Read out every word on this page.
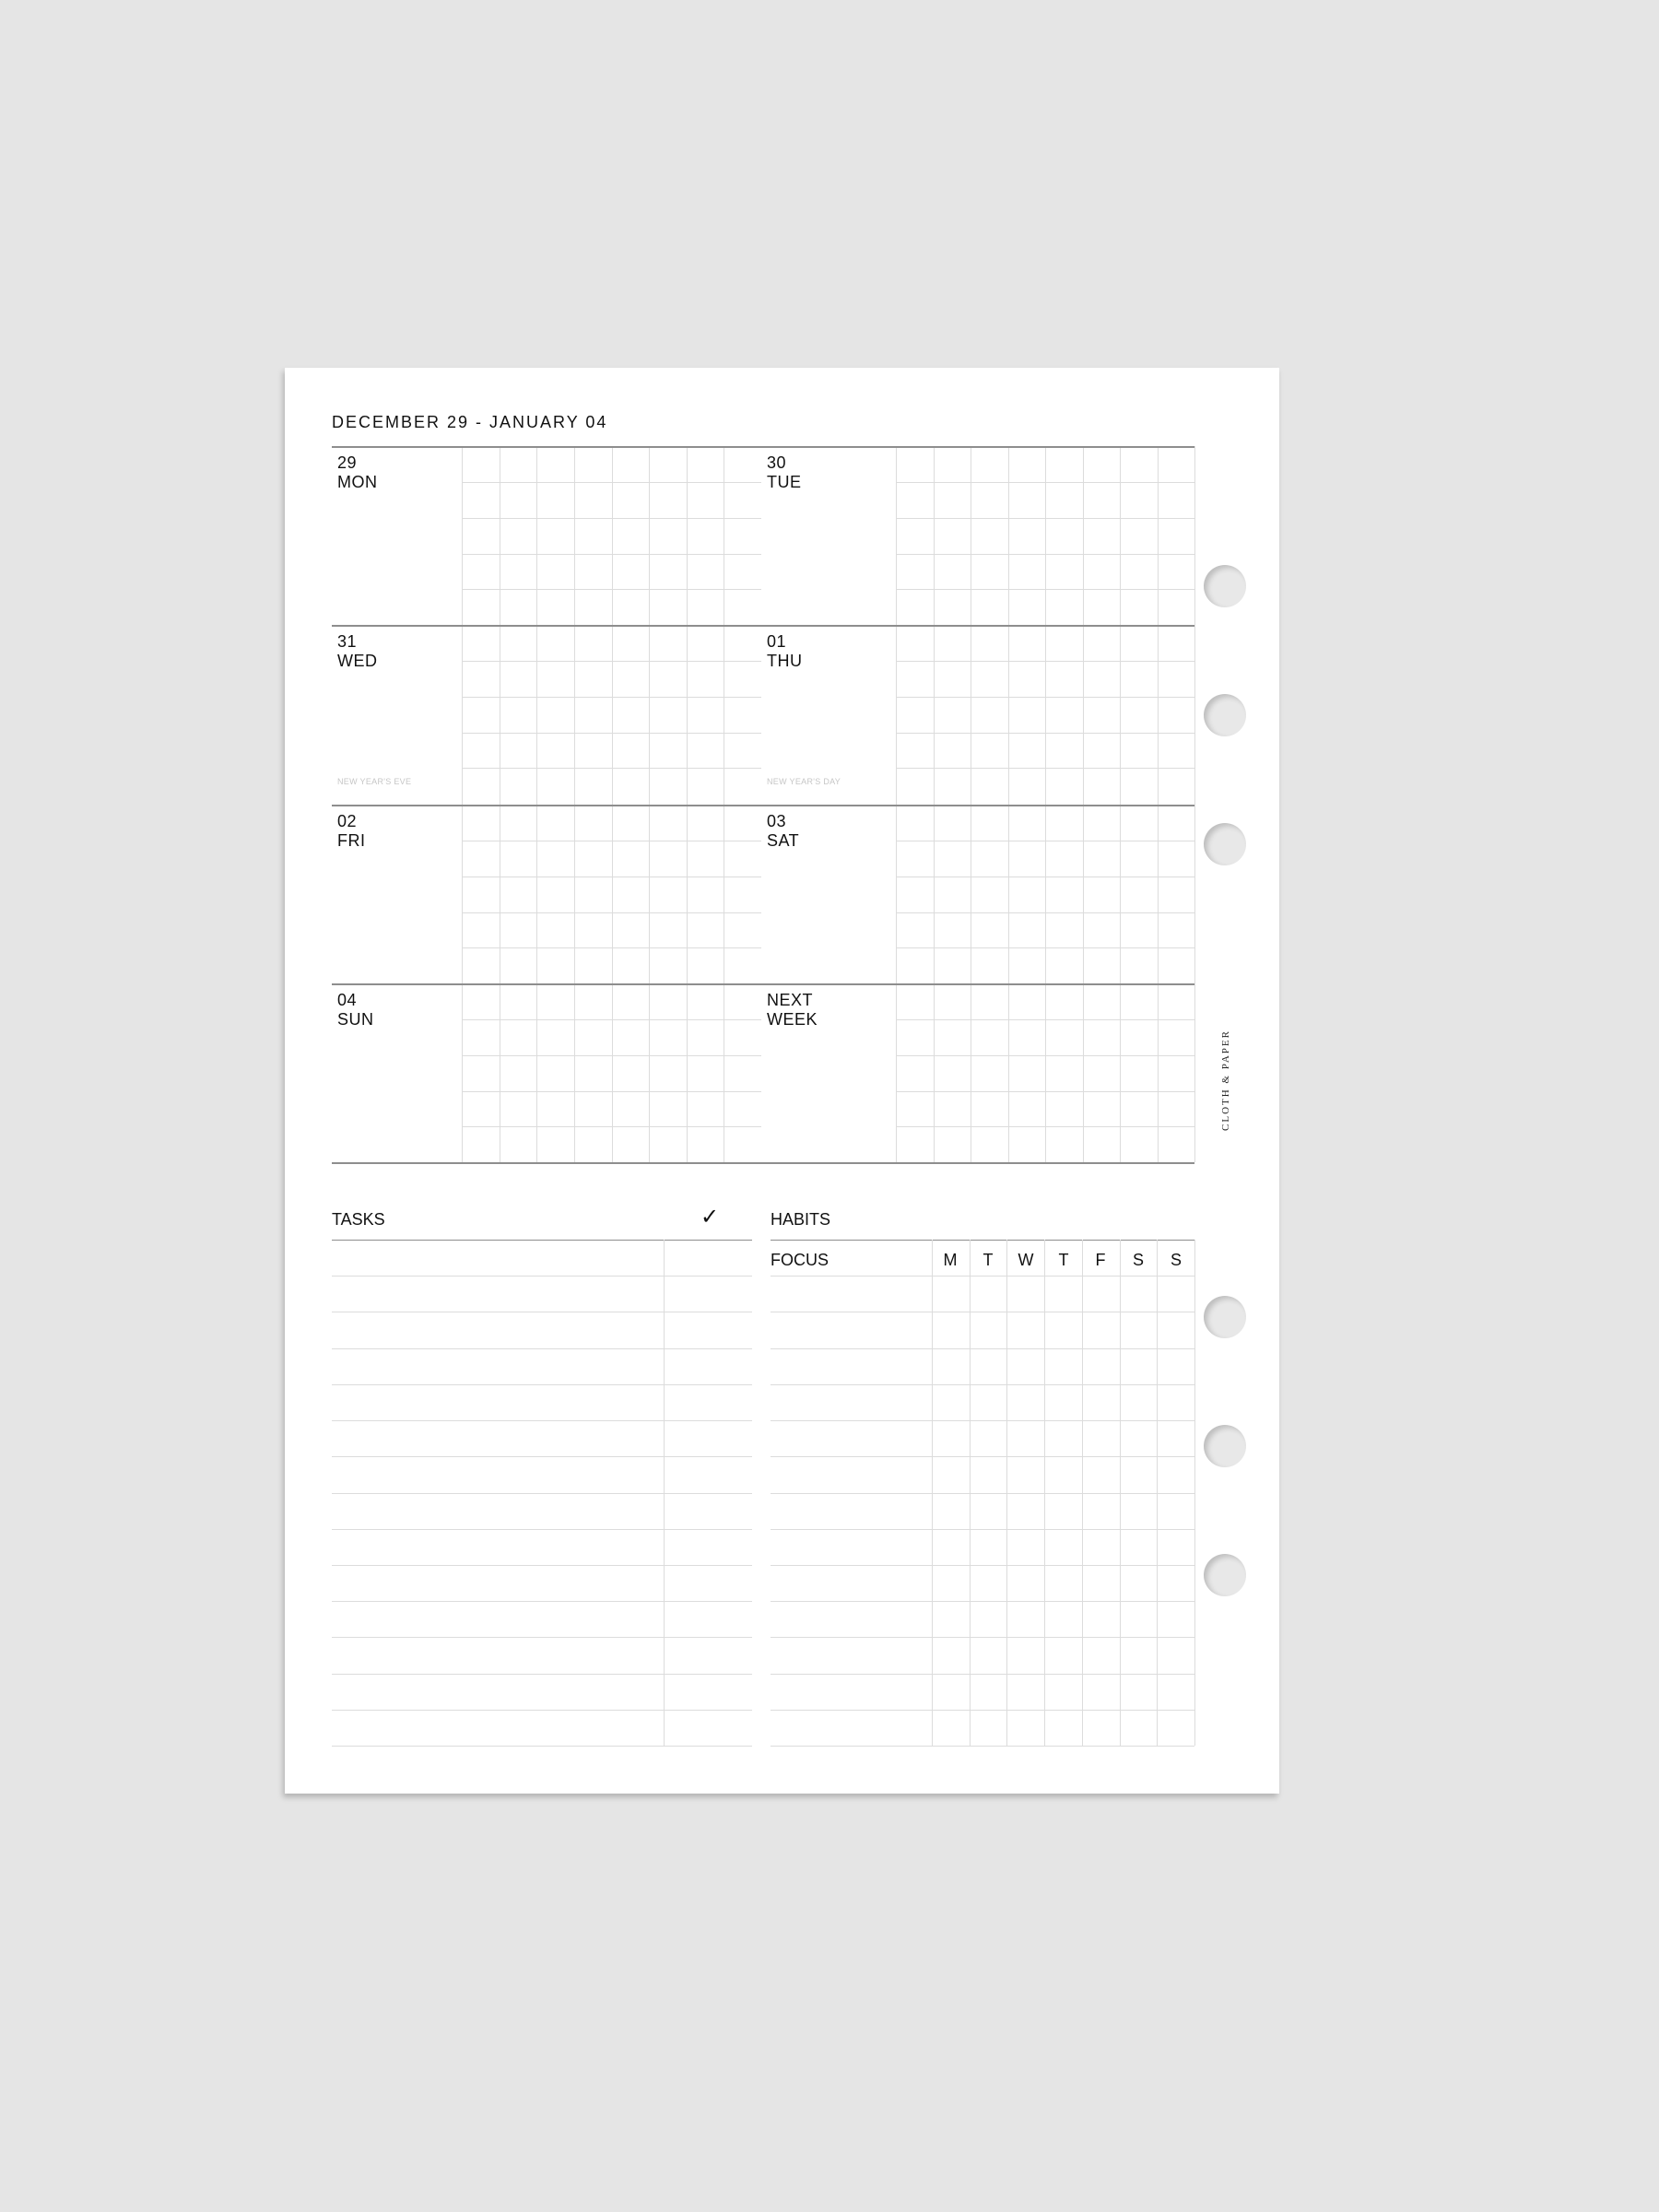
DECEMBER 29 - JANUARY 04
29 MON
30 TUE
31 WED
NEW YEAR'S EVE
01 THU
NEW YEAR'S DAY
02 FRI
03 SAT
04 SUN
NEXT
WEEK
TASKS	✓	HABITS
FOCUS	M	T	W	T	F	S	S
CLOTH & PAPER
